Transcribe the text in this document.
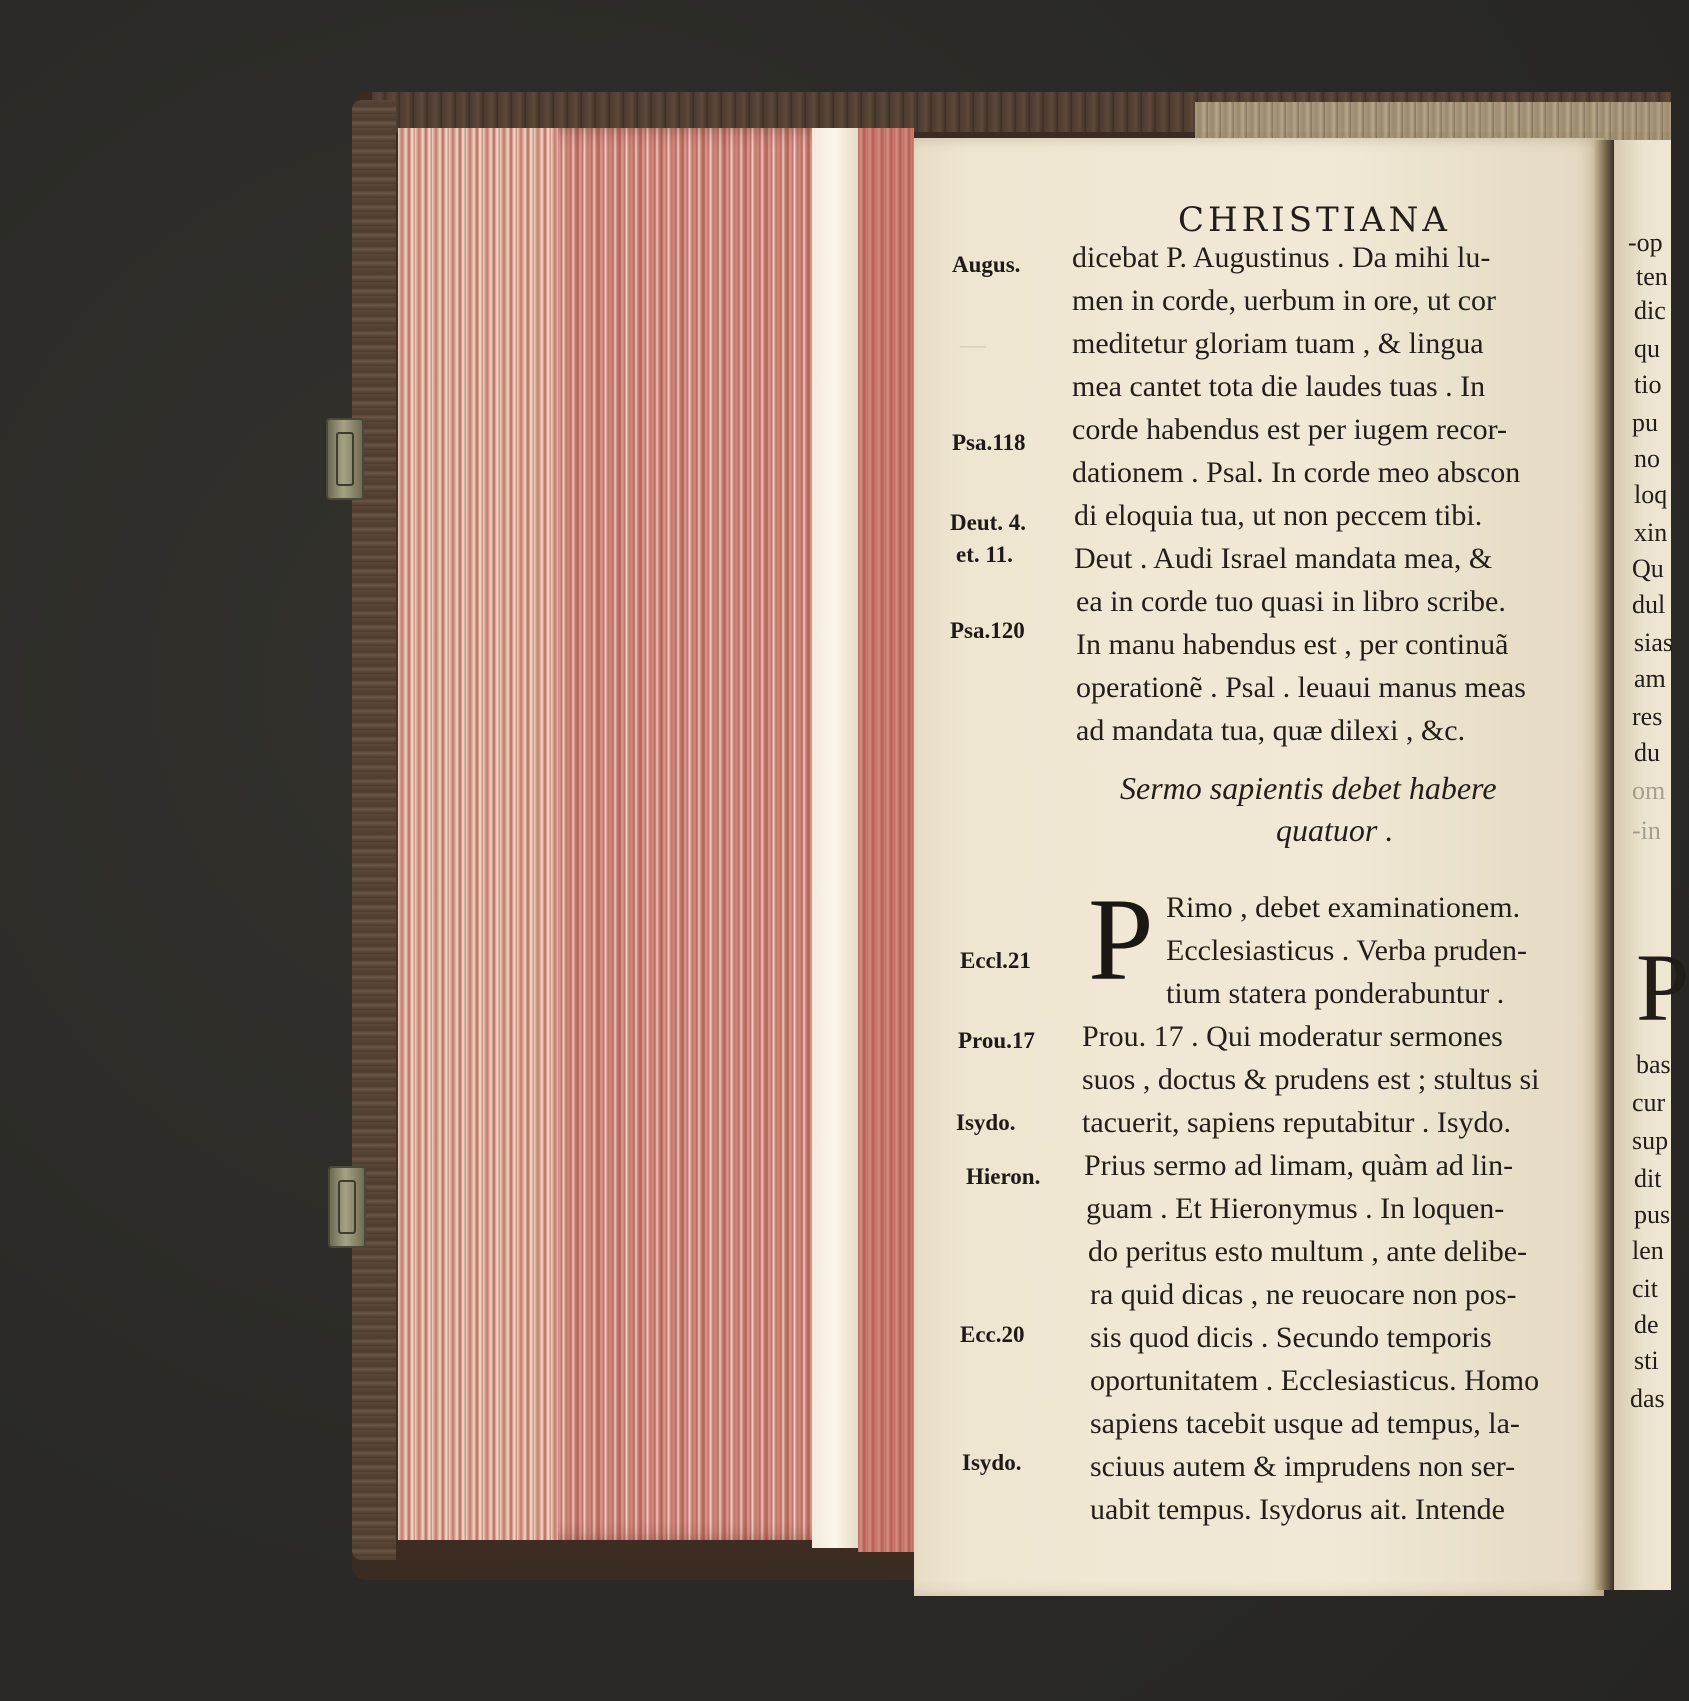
—
CHRISTIANA
dicebat P. Augustinus . Da mihi lu-
men in corde, uerbum in ore, ut cor
meditetur gloriam tuam , & lingua
mea cantet tota die laudes tuas . In
corde habendus est per iugem recor-
dationem . Psal. In corde meo abscon
di eloquia tua, ut non peccem tibi.
Deut . Audi Israel mandata mea, &
ea in corde tuo quasi in libro scribe.
In manu habendus est , per continuã
operationẽ . Psal . leuaui manus meas
ad mandata tua, quæ dilexi , &c.
Sermo sapientis debet habere
quatuor .
P Rimo , debet examinationem.
Ecclesiasticus . Verba pruden-
tium statera ponderabuntur .
Prou. 17 . Qui moderatur sermones
suos , doctus & prudens est ; stultus si
tacuerit, sapiens reputabitur . Isydo.
Prius sermo ad limam, quàm ad lin-
guam . Et Hieronymus . In loquen-
do peritus esto multum , ante delibe-
ra quid dicas , ne reuocare non pos-
sis quod dicis . Secundo temporis
oportunitatem . Ecclesiasticus. Homo
sapiens tacebit usque ad tempus, la-
sciuus autem & imprudens non ser-
uabit tempus. Isydorus ait. Intende
Augus.
Psa.118
Deut. 4.
et. 11.
Psa.120
Eccl.21
Prou.17
Isydo.
Hieron.
Ecc.20
Isydo.
-op
ten
dic
qu
tio
pu
no
loq
xin
Qu
dul
sias
am
res
du
om
-in
P
bas
cur
sup
dit
pus
len
cit
de
sti
das
